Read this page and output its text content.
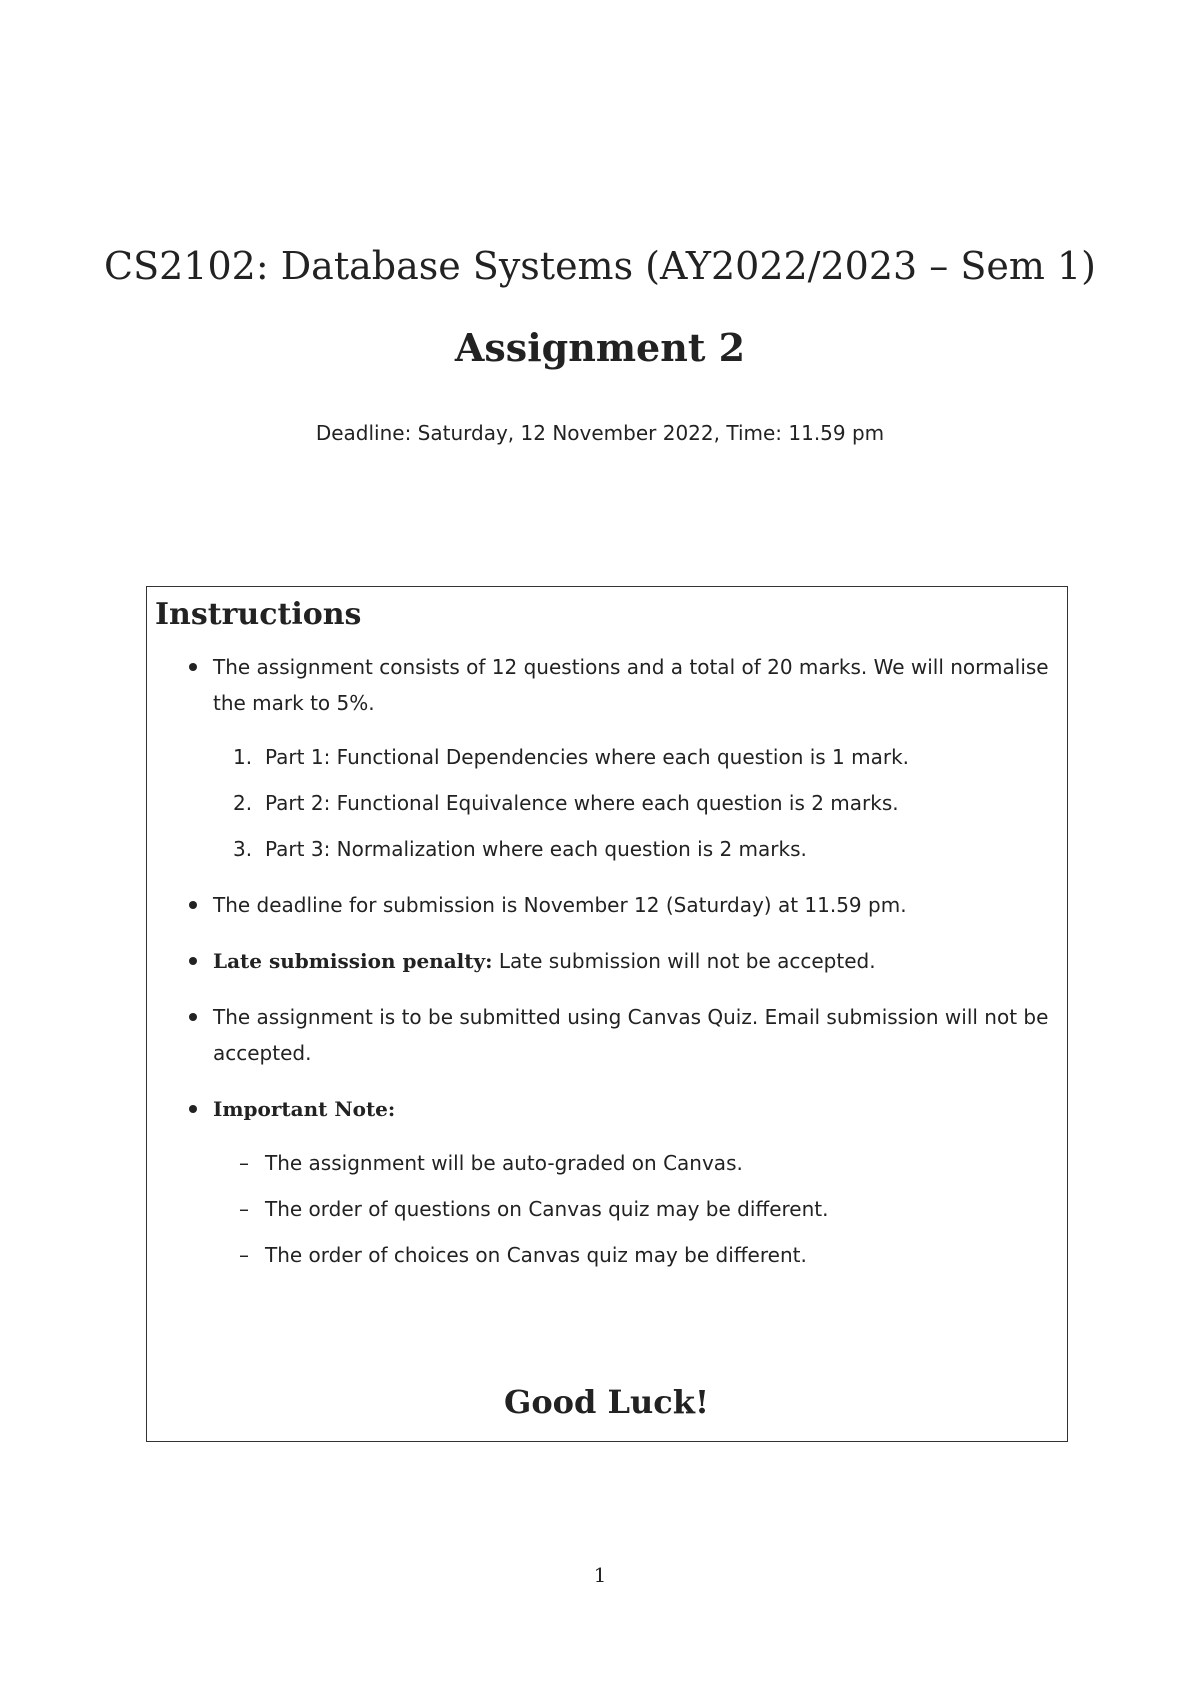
CS2102: Database Systems (AY2022/2023 – Sem 1)
Assignment 2

Deadline: Saturday, 12 November 2022, Time: 11.59 pm

Instructions
The assignment consists of 12 questions and a total of 20 marks. We will normalise the mark to 5%.
1. Part 1: Functional Dependencies where each question is 1 mark.
2. Part 2: Functional Equivalence where each question is 2 marks.
3. Part 3: Normalization where each question is 2 marks.
The deadline for submission is November 12 (Saturday) at 11.59 pm.
Late submission penalty: Late submission will not be accepted.
The assignment is to be submitted using Canvas Quiz. Email submission will not be accepted.
Important Note:
– The assignment will be auto-graded on Canvas.
– The order of questions on Canvas quiz may be different.
– The order of choices on Canvas quiz may be different.

Good Luck!

1
